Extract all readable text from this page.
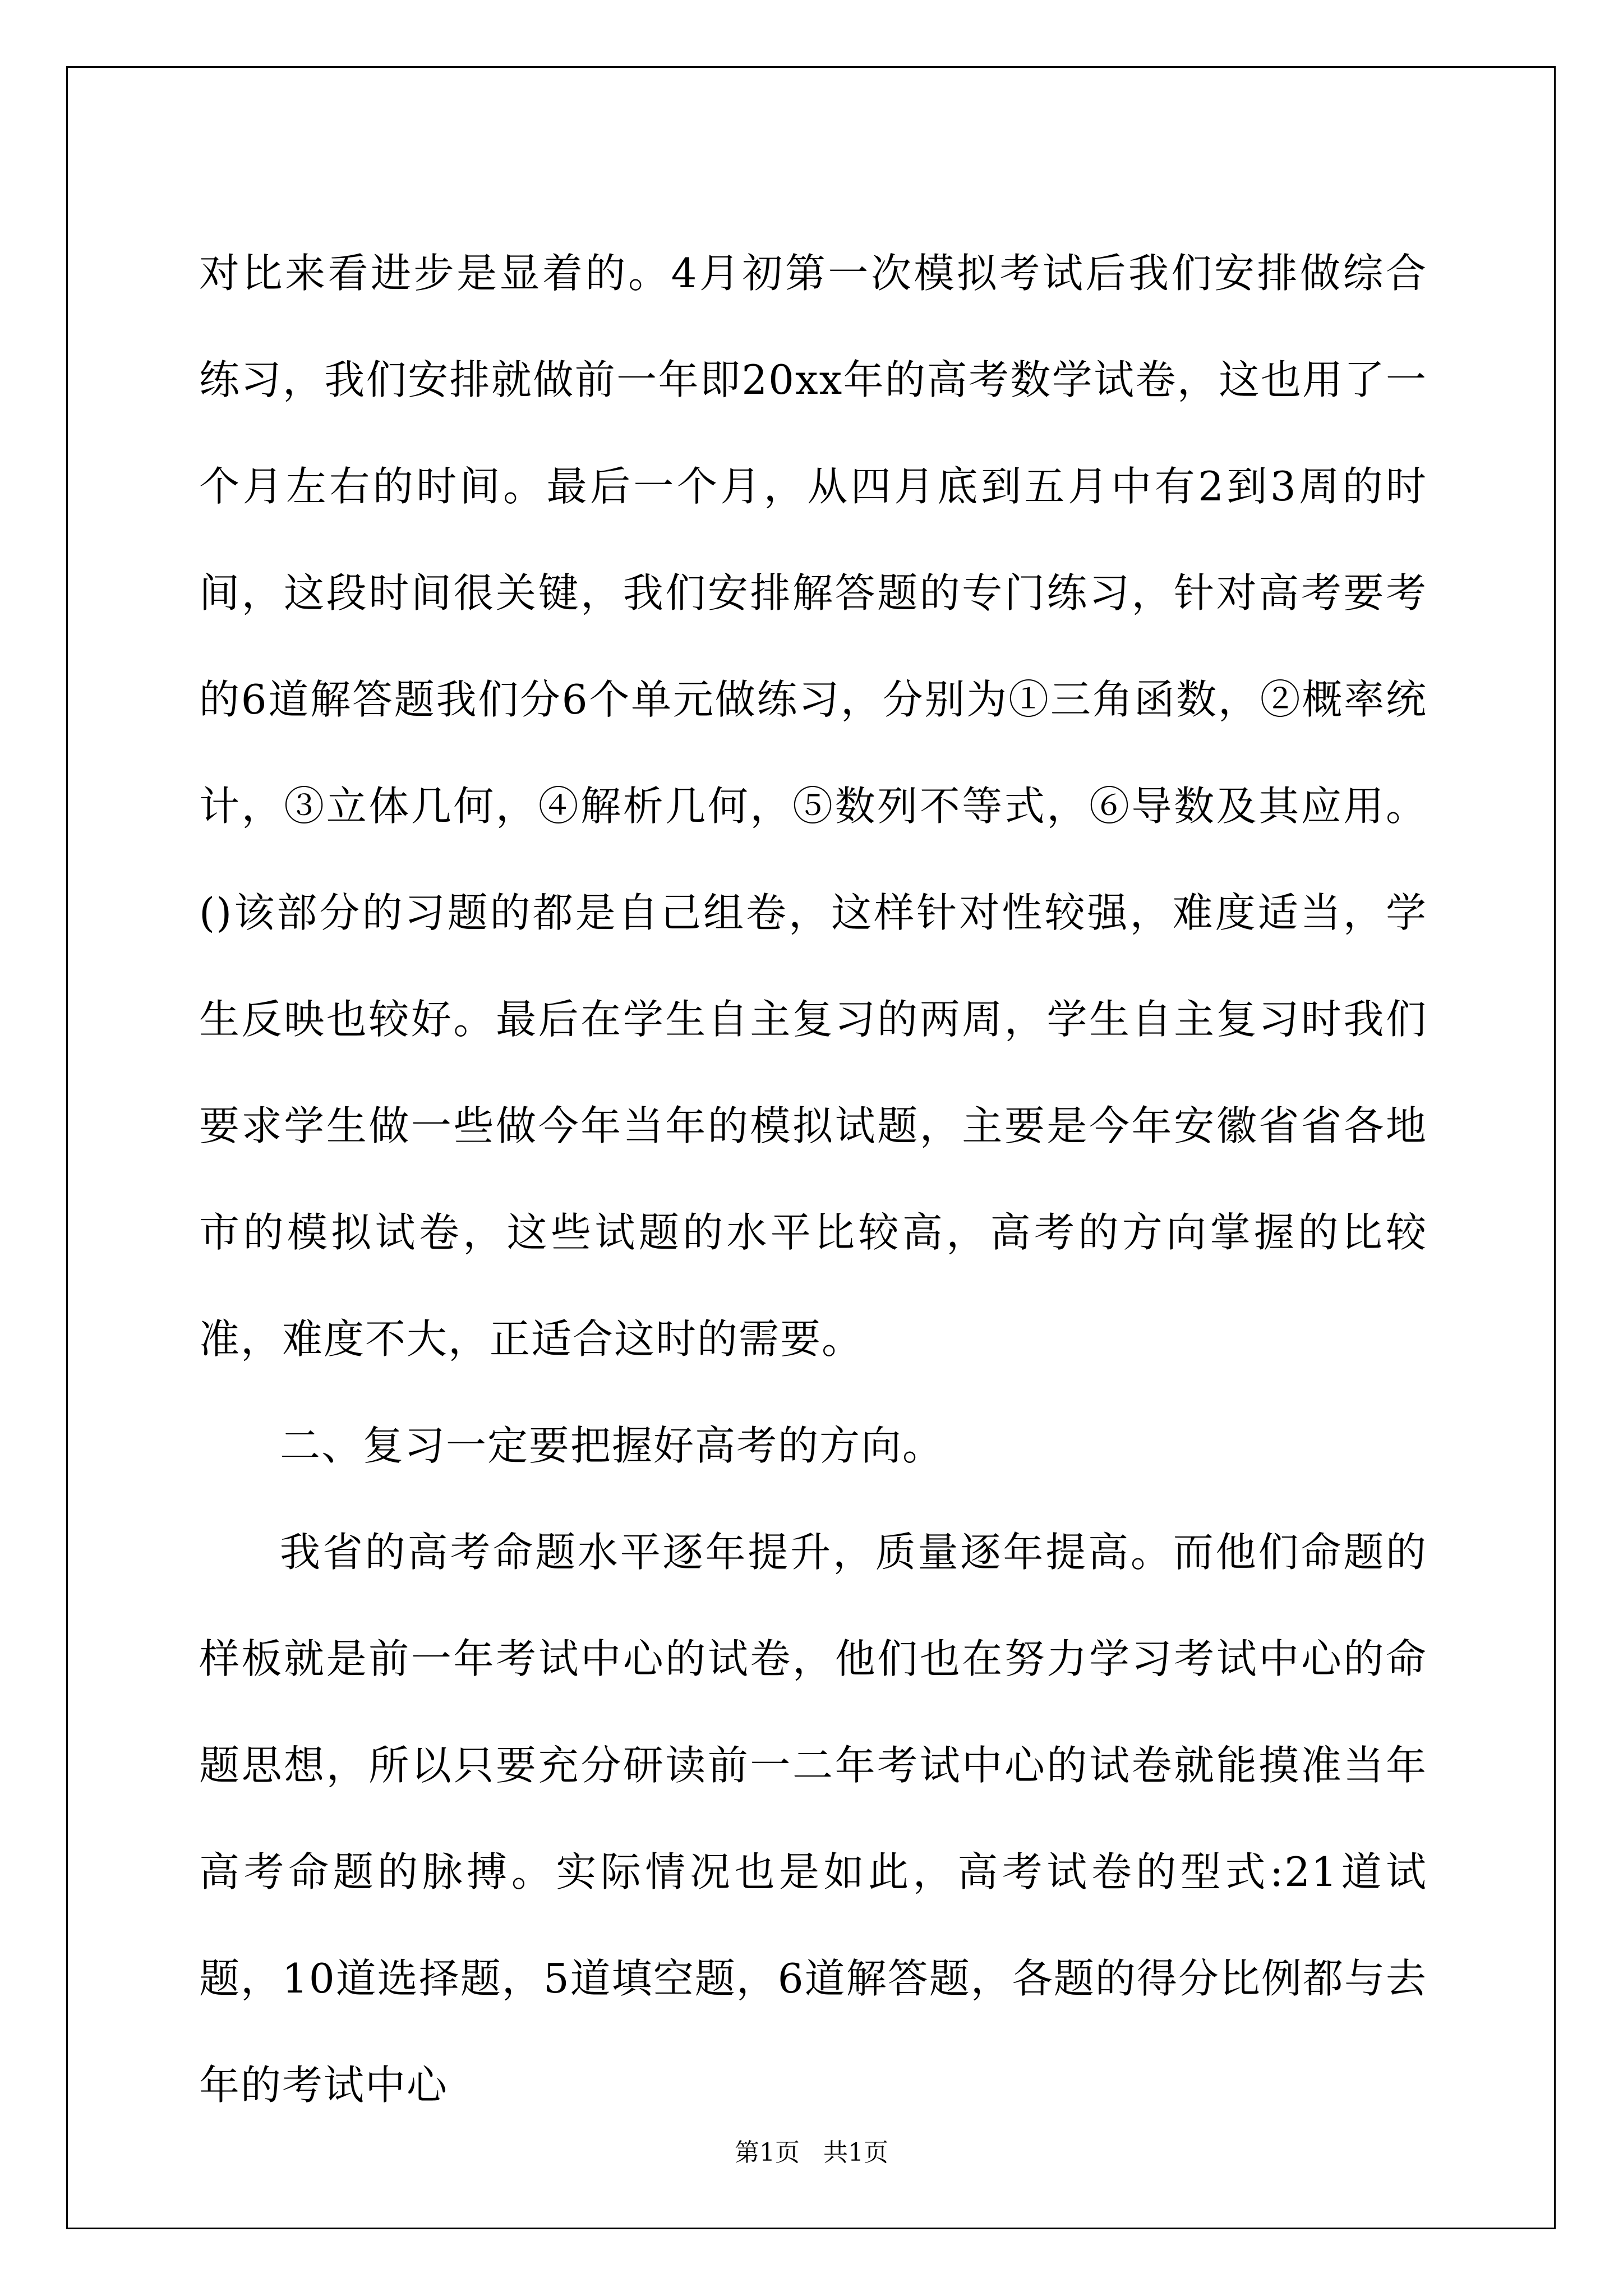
对比来看进步是显着的。4月初第一次模拟考试后我们安排做综合练习，我们安排就做前一年即20xx年的高考数学试卷，这也用了一个月左右的时间。最后一个月，从四月底到五月中有2到3周的时间，这段时间很关键，我们安排解答题的专门练习，针对高考要考的6道解答题我们分6个单元做练习，分别为①三角函数，②概率统计，③立体几何，④解析几何，⑤数列不等式，⑥导数及其应用。()该部分的习题的都是自己组卷，这样针对性较强，难度适当，学生反映也较好。最后在学生自主复习的两周，学生自主复习时我们要求学生做一些做今年当年的模拟试题，主要是今年安徽省省各地市的模拟试卷，这些试题的水平比较高，高考的方向掌握的比较准，难度不大，正适合这时的需要。

二、复习一定要把握好高考的方向。

我省的高考命题水平逐年提升，质量逐年提高。而他们命题的样板就是前一年考试中心的试卷，他们也在努力学习考试中心的命题思想，所以只要充分研读前一二年考试中心的试卷就能摸准当年高考命题的脉搏。实际情况也是如此，高考试卷的型式:21道试题，10道选择题，5道填空题，6道解答题，各题的得分比例都与去年的考试中心

第1页   共1页
